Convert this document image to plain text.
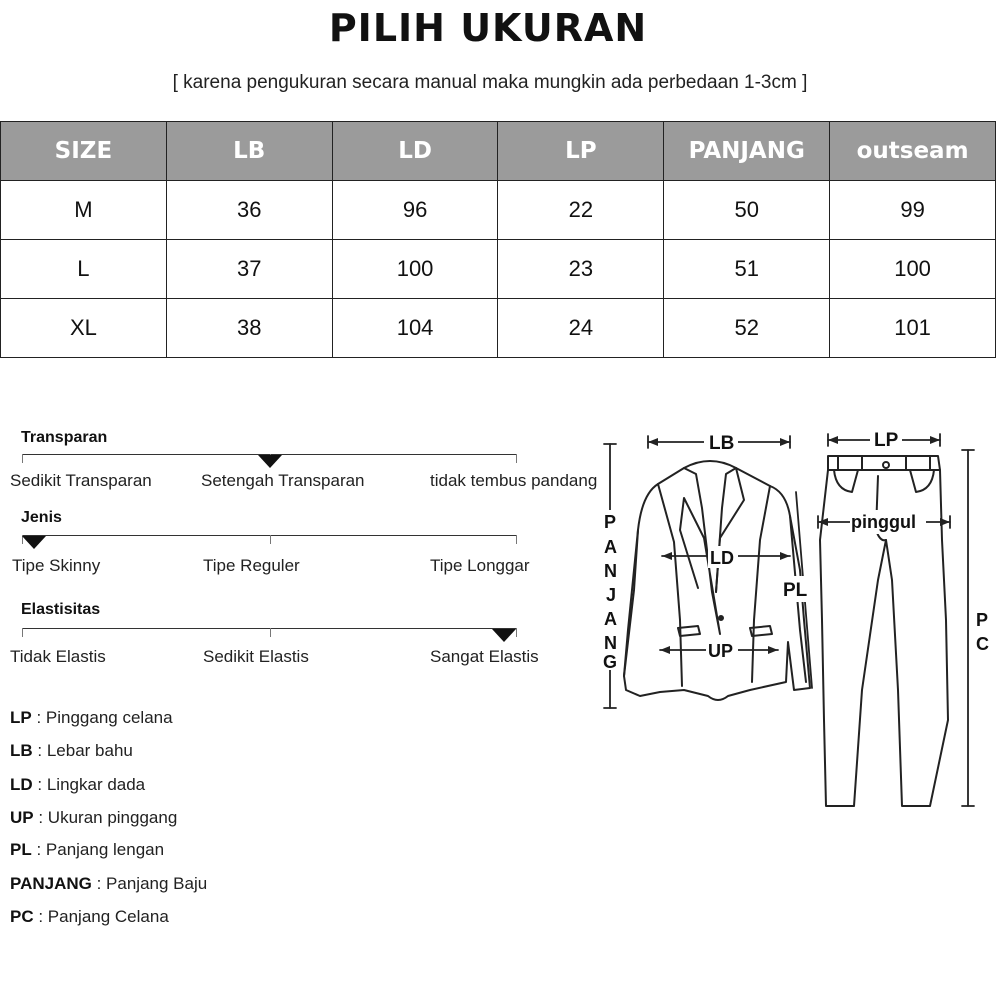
PILIH UKURAN
[ karena pengukuran secara manual maka mungkin ada perbedaan 1-3cm ]
SIZE	LB	LD	LP	PANJANG	outseam
M	36	96	22	50	99
L	37	100	23	51	100
XL	38	104	24	52	101
Transparan
Sedikit Transparan	Setengah Transparan	tidak tembus pandang
Jenis
Tipe Skinny	Tipe Reguler	Tipe Longgar
Elastisitas
Tidak Elastis	Sedikit Elastis	Sangat Elastis
LP : Pinggang celana
LB : Lebar bahu
LD : Lingkar dada
UP : Ukuran pinggang
PL : Panjang lengan
PANJANG : Panjang Baju
PC : Panjang Celana
LB	LP
pinggul
LD
UP
PL
P
A
N
J
A
N
G
P
C
